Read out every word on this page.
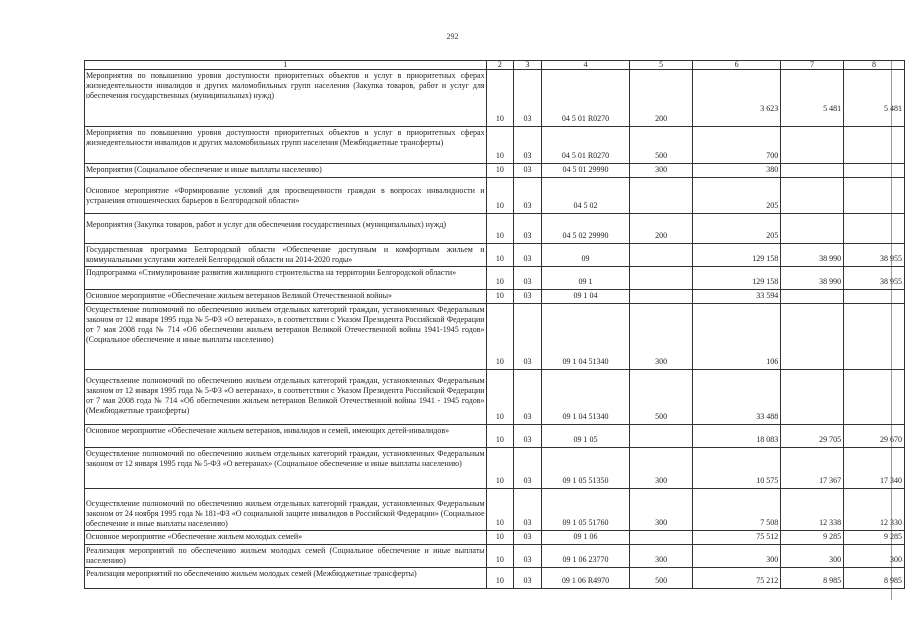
292
1	2	3	4	5	6	7	8
Мероприятия по повышению уровня доступности приоритетных объектов и услуг в приоритетных сферах жизнедеятельности инвалидов и других маломобильных групп населения (Закупка товаров, работ и услуг для обеспечения государственных (муниципальных) нужд)	10	03	04 5 01 R0270	200	3 623	5 481	5 481
Мероприятия по повышению уровня доступности приоритетных объектов и услуг в приоритетных сферах жизнедеятельности инвалидов и других маломобильных групп населения (Межбюджетные трансферты)	10	03	04 5 01 R0270	500	700		
Мероприятия (Социальное обеспечение и иные выплаты населению)	10	03	04 5 01 29990	300	380		
Основное мероприятие «Формирование условий для просвещенности граждан в вопросах инвалидности и устранения отношенческих барьеров в Белгородской области»	10	03	04 5 02		205		
Мероприятия (Закупка товаров, работ и услуг для обеспечения государственных (муниципальных) нужд)	10	03	04 5 02 29990	200	205		
Государственная программа Белгородской области «Обеспечение доступным и комфортным жильем и коммунальными услугами жителей Белгородской области на 2014-2020 годы»	10	03	09		129 158	38 990	38 955
Подпрограмма «Стимулирование развития жилищного строительства на территории Белгородской области»	10	03	09 1		129 158	38 990	38 955
Основное мероприятие «Обеспечение жильем ветеранов Великой Отечественной войны»	10	03	09 1 04		33 594		
Осуществление полномочий по обеспечению жильем отдельных категорий граждан, установленных Федеральным законом от 12 января 1995 года № 5-ФЗ «О ветеранах», в соответствии с Указом Президента Российской Федерации от 7 мая 2008 года № 714 «Об обеспечении жильем ветеранов Великой Отечественной войны 1941-1945 годов» (Социальное обеспечение и иные выплаты населению)	10	03	09 1 04 51340	300	106		
Осуществление полномочий по обеспечению жильем отдельных категорий граждан, установленных Федеральным законом от 12 января 1995 года № 5-ФЗ «О ветеранах», в соответствии с Указом Президента Российской Федерации от 7 мая 2008 года № 714 «Об обеспечении жильем ветеранов Великой Отечественной войны 1941 - 1945 годов» (Межбюджетные трансферты)	10	03	09 1 04 51340	500	33 488		
Основное мероприятие «Обеспечение жильем ветеранов, инвалидов и семей, имеющих детей-инвалидов»	10	03	09 1 05		18 083	29 705	29 670
Осуществление полномочий по обеспечению жильем отдельных категорий граждан, установленных Федеральным законом от 12 января 1995 года № 5-ФЗ «О ветеранах» (Социальное обеспечение и иные выплаты населению)	10	03	09 1 05 51350	300	10 575	17 367	17 340
Осуществление полномочий по обеспечению жильем отдельных категорий граждан, установленных Федеральным законом от 24 ноября 1995 года № 181-ФЗ «О социальной защите инвалидов в Российской Федерации» (Социальное обеспечение и иные выплаты населению)	10	03	09 1 05 51760	300	7 508	12 338	12 330
Основное мероприятие «Обеспечение жильем молодых семей»	10	03	09 1 06		75 512	9 285	9 285
Реализация мероприятий по обеспечению жильем молодых семей (Социальное обеспечение и иные выплаты населению)	10	03	09 1 06 23770	300	300	300	300
Реализация мероприятий по обеспечению жильем молодых семей (Межбюджетные трансферты)	10	03	09 1 06 R4970	500	75 212	8 985	8 985
